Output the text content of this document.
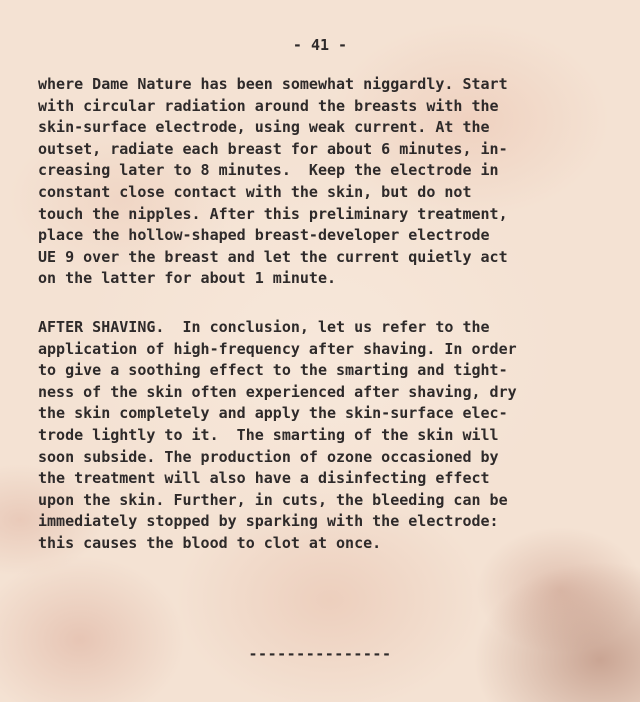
- 41 -

where Dame Nature has been somewhat niggardly. Start
with circular radiation around the breasts with the
skin-surface electrode, using weak current. At the
outset, radiate each breast for about 6 minutes, in-
creasing later to 8 minutes.  Keep the electrode in
constant close contact with the skin, but do not
touch the nipples. After this preliminary treatment,
place the hollow-shaped breast-developer electrode
UE 9 over the breast and let the current quietly act
on the latter for about 1 minute.

AFTER SHAVING.  In conclusion, let us refer to the
application of high-frequency after shaving. In order
to give a soothing effect to the smarting and tight-
ness of the skin often experienced after shaving, dry
the skin completely and apply the skin-surface elec-
trode lightly to it.  The smarting of the skin will
soon subside. The production of ozone occasioned by
the treatment will also have a disinfecting effect
upon the skin. Further, in cuts, the bleeding can be
immediately stopped by sparking with the electrode:
this causes the blood to clot at once.

---------------
